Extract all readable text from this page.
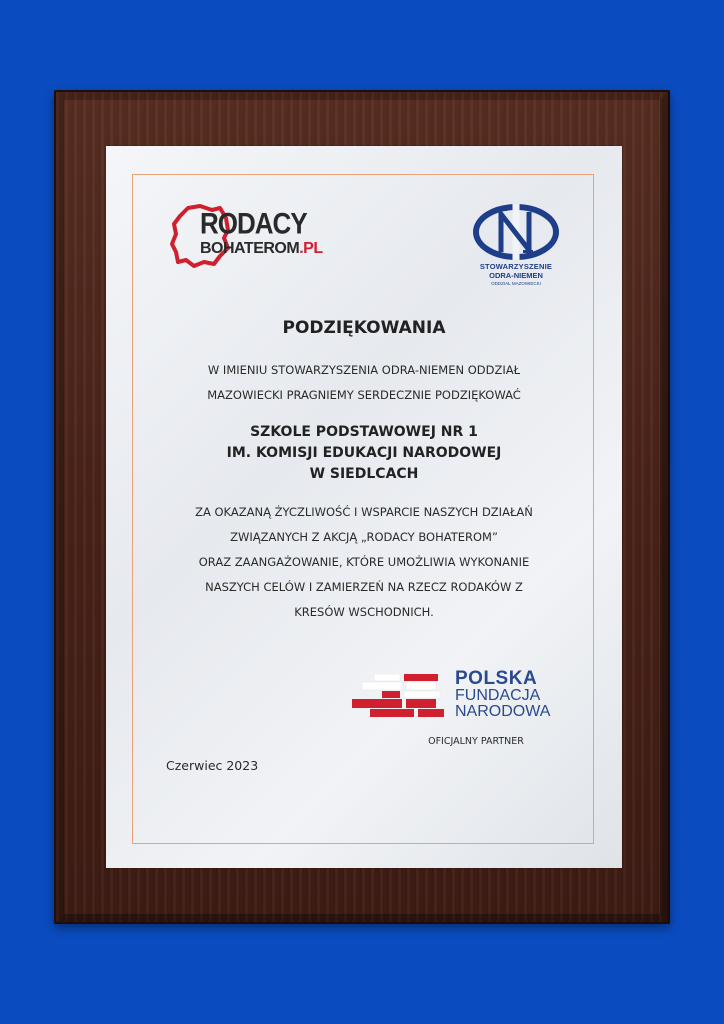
RODACY
BOHATEROM.PL
STOWARZYSZENIE
ODRA-NIEMEN
ODDZIAŁ MAZOWIECKI
PODZIĘKOWANIA
W IMIENIU STOWARZYSZENIA ODRA-NIEMEN ODDZIAŁ
MAZOWIECKI PRAGNIEMY SERDECZNIE PODZIĘKOWAĆ
SZKOLE PODSTAWOWEJ NR 1
IM. KOMISJI EDUKACJI NARODOWEJ
W SIEDLCACH
ZA OKAZANĄ ŻYCZLIWOŚĆ I WSPARCIE NASZYCH DZIAŁAŃ
ZWIĄZANYCH Z AKCJĄ „RODACY BOHATEROM”
ORAZ ZAANGAŻOWANIE, KTÓRE UMOŻLIWIA WYKONANIE
NASZYCH CELÓW I ZAMIERZEŃ NA RZECZ RODAKÓW Z
KRESÓW WSCHODNICH.
POLSKA
FUNDACJA
NARODOWA
OFICJALNY PARTNER
Czerwiec 2023
